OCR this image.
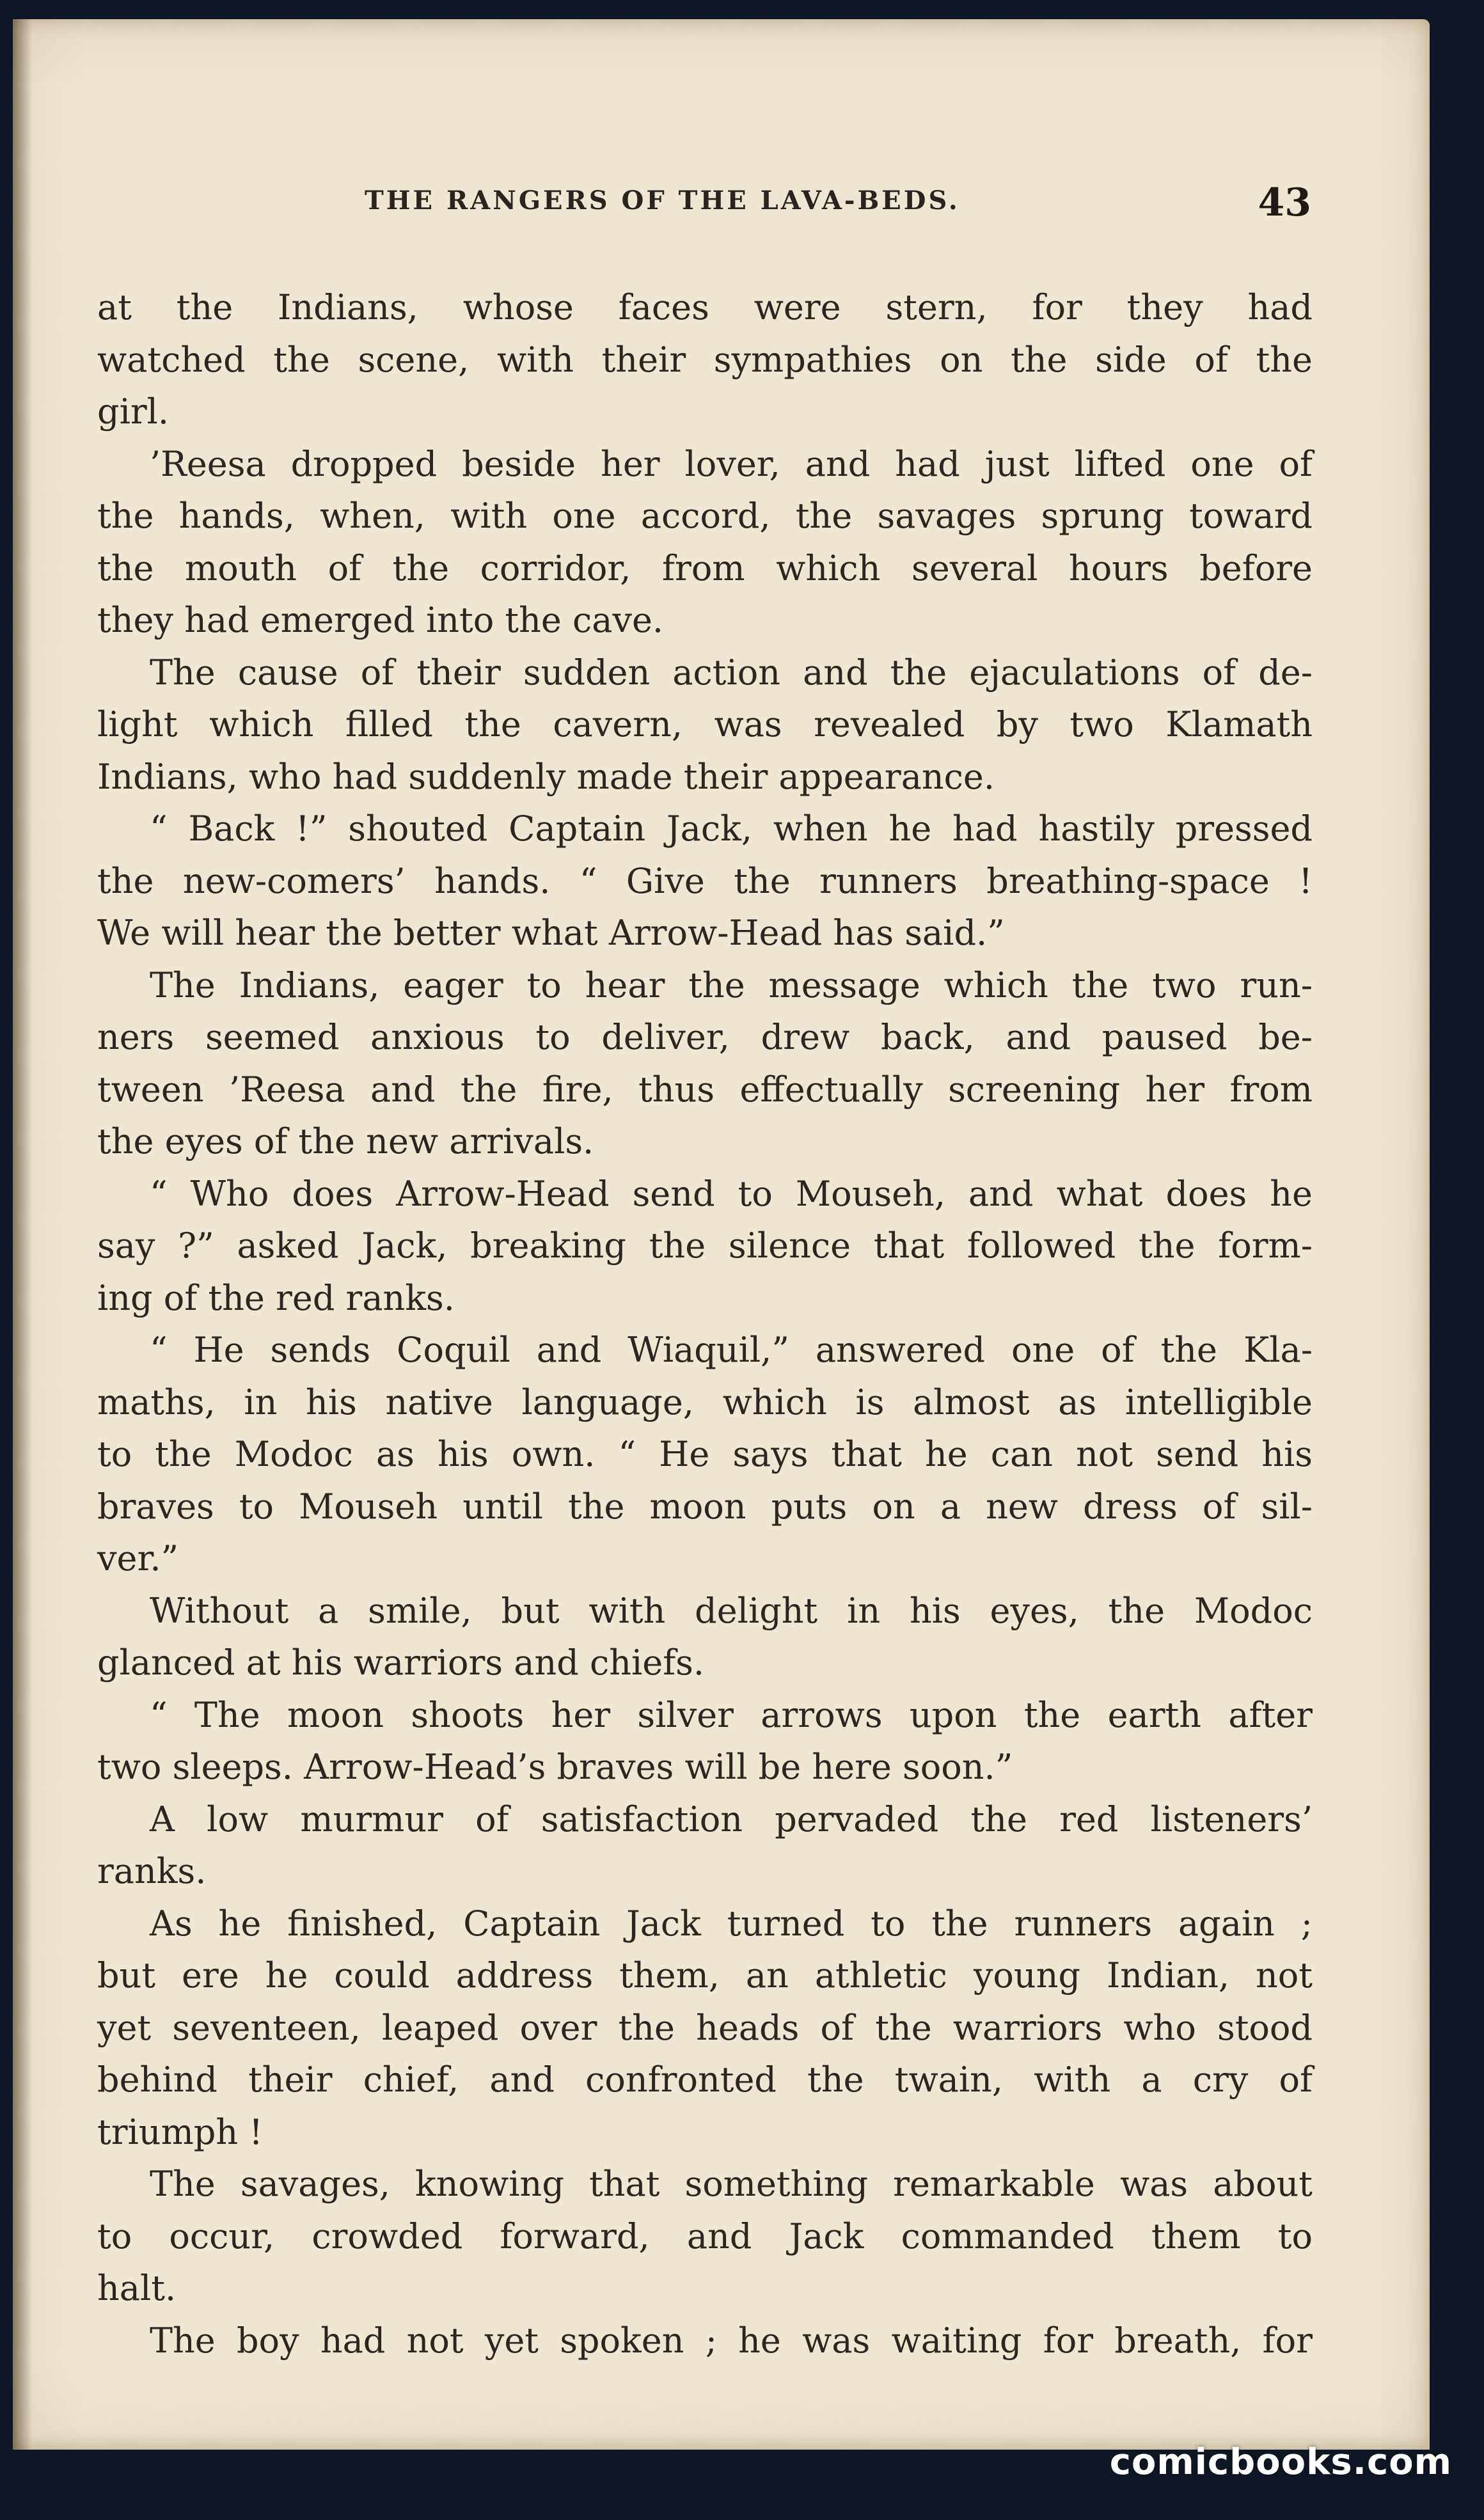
THE RANGERS OF THE LAVA-BEDS.	43
at the Indians, whose faces were stern, for they had
watched the scene, with their sympathies on the side of the
girl.
’Reesa dropped beside her lover, and had just lifted one of
the hands, when, with one accord, the savages sprung toward
the mouth of the corridor, from which several hours before
they had emerged into the cave.
The cause of their sudden action and the ejaculations of de-
light which filled the cavern, was revealed by two Klamath
Indians, who had suddenly made their appearance.
“ Back !” shouted Captain Jack, when he had hastily pressed
the new-comers’ hands. “ Give the runners breathing-space !
We will hear the better what Arrow-Head has said.”
The Indians, eager to hear the message which the two run-
ners seemed anxious to deliver, drew back, and paused be-
tween ’Reesa and the fire, thus effectually screening her from
the eyes of the new arrivals.
“ Who does Arrow-Head send to Mouseh, and what does he
say ?” asked Jack, breaking the silence that followed the form-
ing of the red ranks.
“ He sends Coquil and Wiaquil,” answered one of the Kla-
maths, in his native language, which is almost as intelligible
to the Modoc as his own. “ He says that he can not send his
braves to Mouseh until the moon puts on a new dress of sil-
ver.”
Without a smile, but with delight in his eyes, the Modoc
glanced at his warriors and chiefs.
“ The moon shoots her silver arrows upon the earth after
two sleeps. Arrow-Head’s braves will be here soon.”
A low murmur of satisfaction pervaded the red listeners’
ranks.
As he finished, Captain Jack turned to the runners again ;
but ere he could address them, an athletic young Indian, not
yet seventeen, leaped over the heads of the warriors who stood
behind their chief, and confronted the twain, with a cry of
triumph !
The savages, knowing that something remarkable was about
to occur, crowded forward, and Jack commanded them to
halt.
The boy had not yet spoken ; he was waiting for breath, for
comicbooks.com
